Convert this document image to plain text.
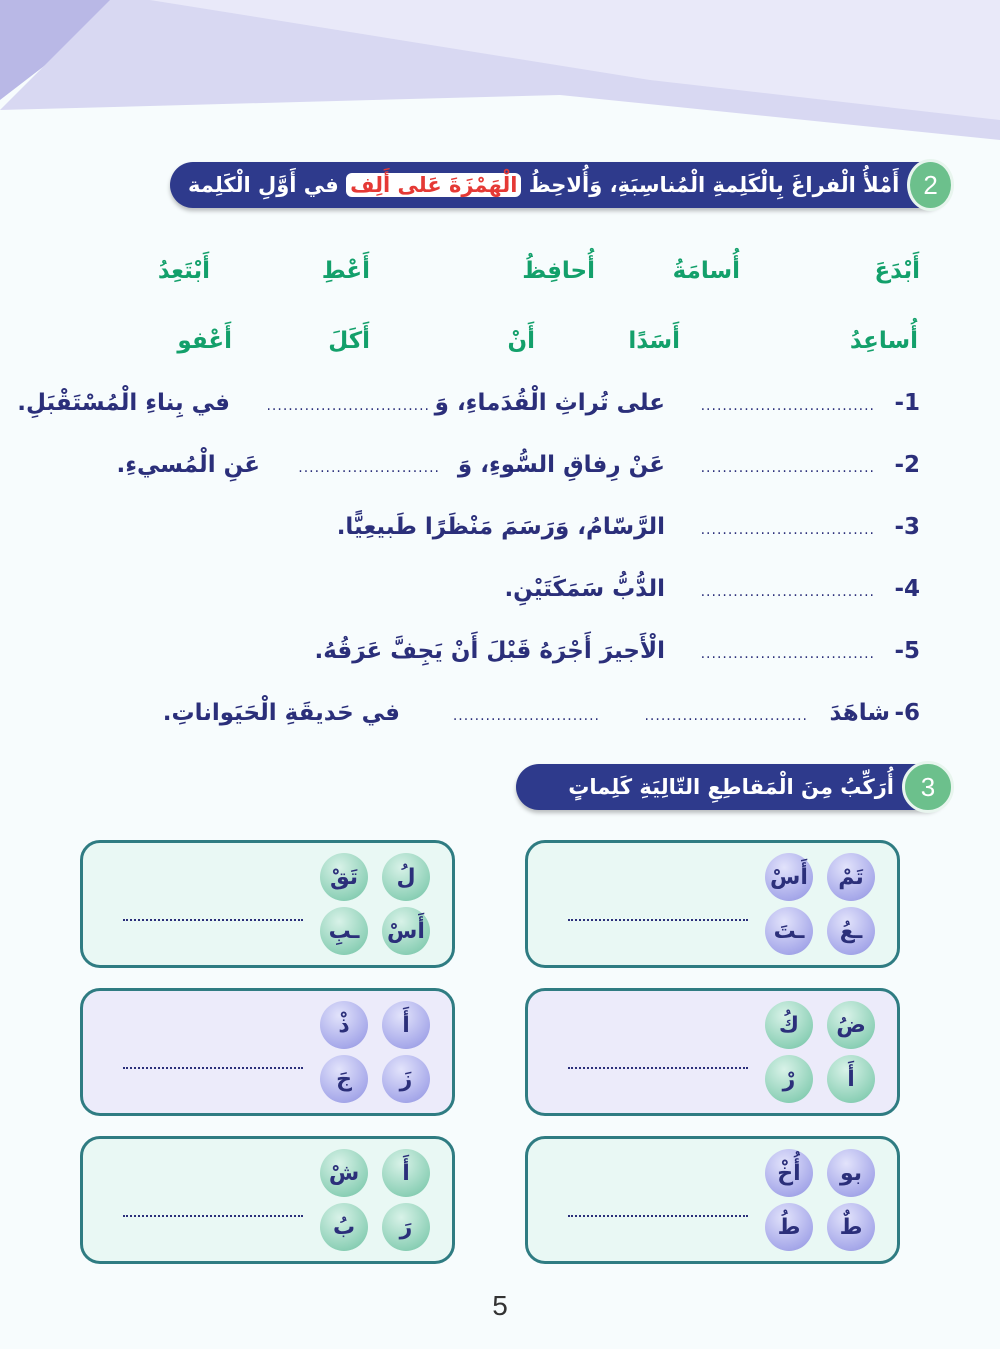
أَمْلأُ الْفراغَ بِالْكَلِمةِ الْمُناسِبَةِ، وَأُلاحِظُ الْهَمْزَةَ عَلى أَلِف في أَوَّلِ الْكَلِمة	2
أَبْدَعَ
أُسامَةُ
أُحافِظُ
أَعْطِ
أَبْتَعِدُ
أُساعِدُ
أَسَدًا
أَنْ
أَكَلَ
أَعْفو
1-
................................
على تُراثِ الْقُدَماءِ، وَ
..............................
في بِناءِ الْمُسْتَقْبَلِ.
2-
................................
عَنْ رِفاقِ السُّوءِ، وَ
..........................
عَنِ الْمُسيءِ.
3-
................................
الرَّسّامُ، وَرَسَمَ مَنْظَرًا طَبيعِيًّا.
4-
................................
الدُّبُّ سَمَكَتَيْنِ.
5-
................................
الْأَجيرَ أَجْرَهُ قَبْلَ أَنْ يَجِفَّ عَرَقُهُ.
6-
شاهَدَ
..............................
...........................
في حَديقَةِ الْحَيَواناتِ.
أُرَكِّبُ مِنَ الْمَقاطِعِ التّالِيَةِ كَلِماتٍ	3
تَمْ
أَسْ
ـعُ
ـتَ
ضُ
كُ
أَ
رْ
بو
أُخْ
طٌ
طُ
لُ
تَقْ
أَسْ
ـبِ
أَ
ذْ
زَ
جَ
أَ
شْ
رَ
بُ
5
